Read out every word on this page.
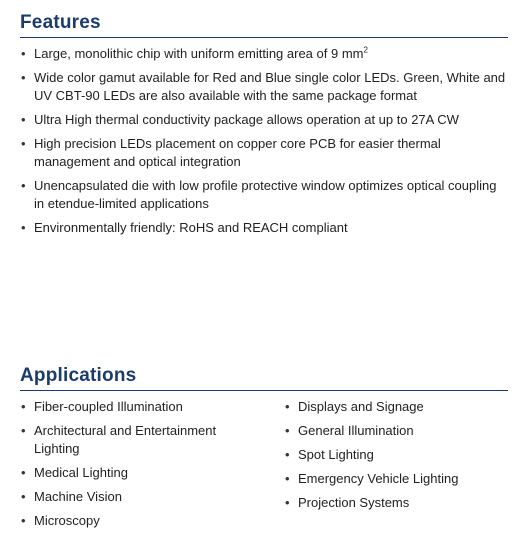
Features
• Large, monolithic chip with uniform emitting area of 9 $mm^2$
• Wide color gamut available for Red and Blue single color LEDs. Green, White and UV CBT-90 LEDs are also available with the same package format
• Ultra High thermal conductivity package allows operation at up to 27A CW
• High precision LEDs placement on copper core PCB for easier thermal management and optical integration
• Unencapsulated die with low profile protective window optimizes optical coupling in etendue-limited applications
• Environmentally friendly: RoHS and REACH compliant
Applications
• Fiber-coupled Illumination
• Architectural and Entertainment Lighting
• Medical Lighting
• Machine Vision
• Microscopy
• Displays and Signage
• General Illumination
• Spot Lighting
• Emergency Vehicle Lighting
• Projection Systems
